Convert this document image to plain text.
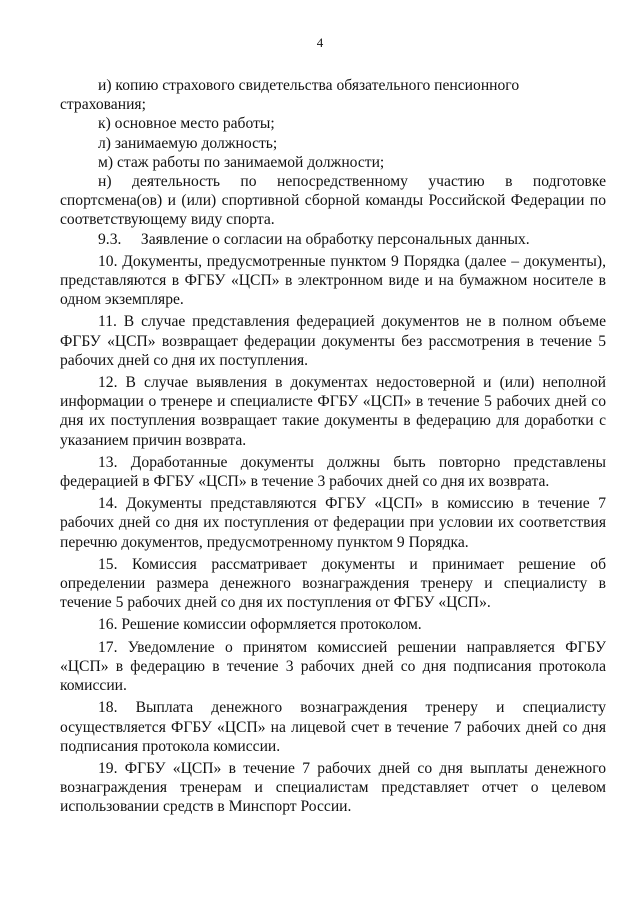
4

и) копию страхового свидетельства обязательного пенсионного страхования;

к) основное место работы;

л) занимаемую должность;

м) стаж работы по занимаемой должности;

н) деятельность по непосредственному участию в подготовке спортсмена(ов) и (или) спортивной сборной команды Российской Федерации по соответствующему виду спорта.

9.3.     Заявление о согласии на обработку персональных данных.

10. Документы, предусмотренные пунктом 9 Порядка (далее – документы), представляются в ФГБУ «ЦСП» в электронном виде и на бумажном носителе в одном экземпляре.

11. В случае представления федерацией документов не в полном объеме ФГБУ «ЦСП» возвращает федерации документы без рассмотрения в течение 5 рабочих дней со дня их поступления.

12. В случае выявления в документах недостоверной и (или) неполной информации о тренере и специалисте ФГБУ «ЦСП» в течение 5 рабочих дней со дня их поступления возвращает такие документы в федерацию для доработки с указанием причин возврата.

13. Доработанные документы должны быть повторно представлены федерацией в ФГБУ «ЦСП» в течение 3 рабочих дней со дня их возврата.

14. Документы представляются ФГБУ «ЦСП» в комиссию в течение 7 рабочих дней со дня их поступления от федерации при условии их соответствия перечню документов, предусмотренному пунктом 9 Порядка.

15. Комиссия рассматривает документы и принимает решение об определении размера денежного вознаграждения тренеру и специалисту в течение 5 рабочих дней со дня их поступления от ФГБУ «ЦСП».

16. Решение комиссии оформляется протоколом.

17. Уведомление о принятом комиссией решении направляется ФГБУ «ЦСП» в федерацию в течение 3 рабочих дней со дня подписания протокола комиссии.

18. Выплата денежного вознаграждения тренеру и специалисту осуществляется ФГБУ «ЦСП» на лицевой счет в течение 7 рабочих дней со дня подписания протокола комиссии.

19. ФГБУ «ЦСП» в течение 7 рабочих дней со дня выплаты денежного вознаграждения тренерам и специалистам представляет отчет о целевом использовании средств в Минспорт России.
